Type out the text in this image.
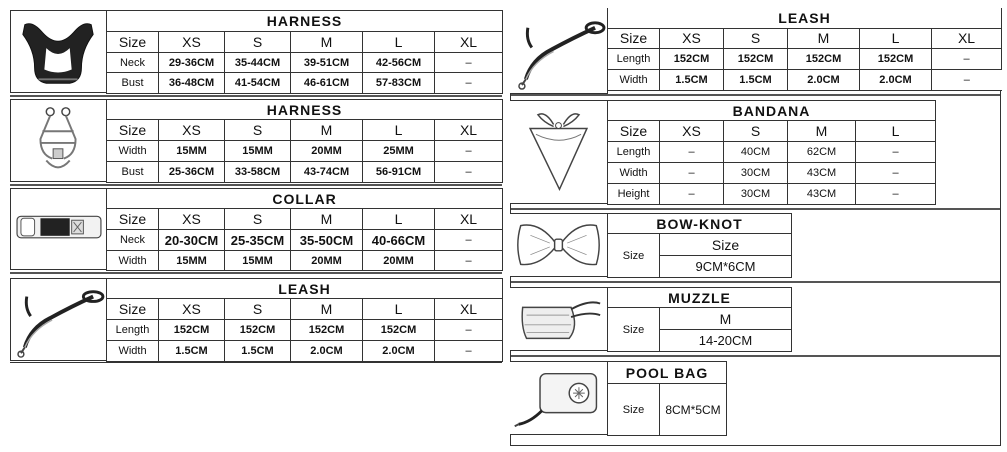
HARNESS					
Size	XS	S	M	L	XL
Neck	29-36CM	35-44CM	39-51CM	42-56CM	–
Bust	36-48CM	41-54CM	46-61CM	57-83CM	–
HARNESS					
Size	XS	S	M	L	XL
Width	15MM	15MM	20MM	25MM	–
Bust	25-36CM	33-58CM	43-74CM	56-91CM	–
COLLAR					
Size	XS	S	M	L	XL
Neck	20-30CM	25-35CM	35-50CM	40-66CM	–
Width	15MM	15MM	20MM	20MM	–
LEASH					
Size	XS	S	M	L	XL
Length	152CM	152CM	152CM	152CM	–
Width	1.5CM	1.5CM	2.0CM	2.0CM	–
LEASH					
Size	XS	S	M	L	XL
Length	152CM	152CM	152CM	152CM	–
Width	1.5CM	1.5CM	2.0CM	2.0CM	–
BANDANA				
Size	XS	S	M	L
Length	–	40CM	62CM	–
Width	–	30CM	43CM	–
Height	–	30CM	43CM	–
BOW-KNOT
Size	Size
9CM*6CM
MUZZLE
Size	M
14-20CM
POOL BAG
Size	8CM*5CM
